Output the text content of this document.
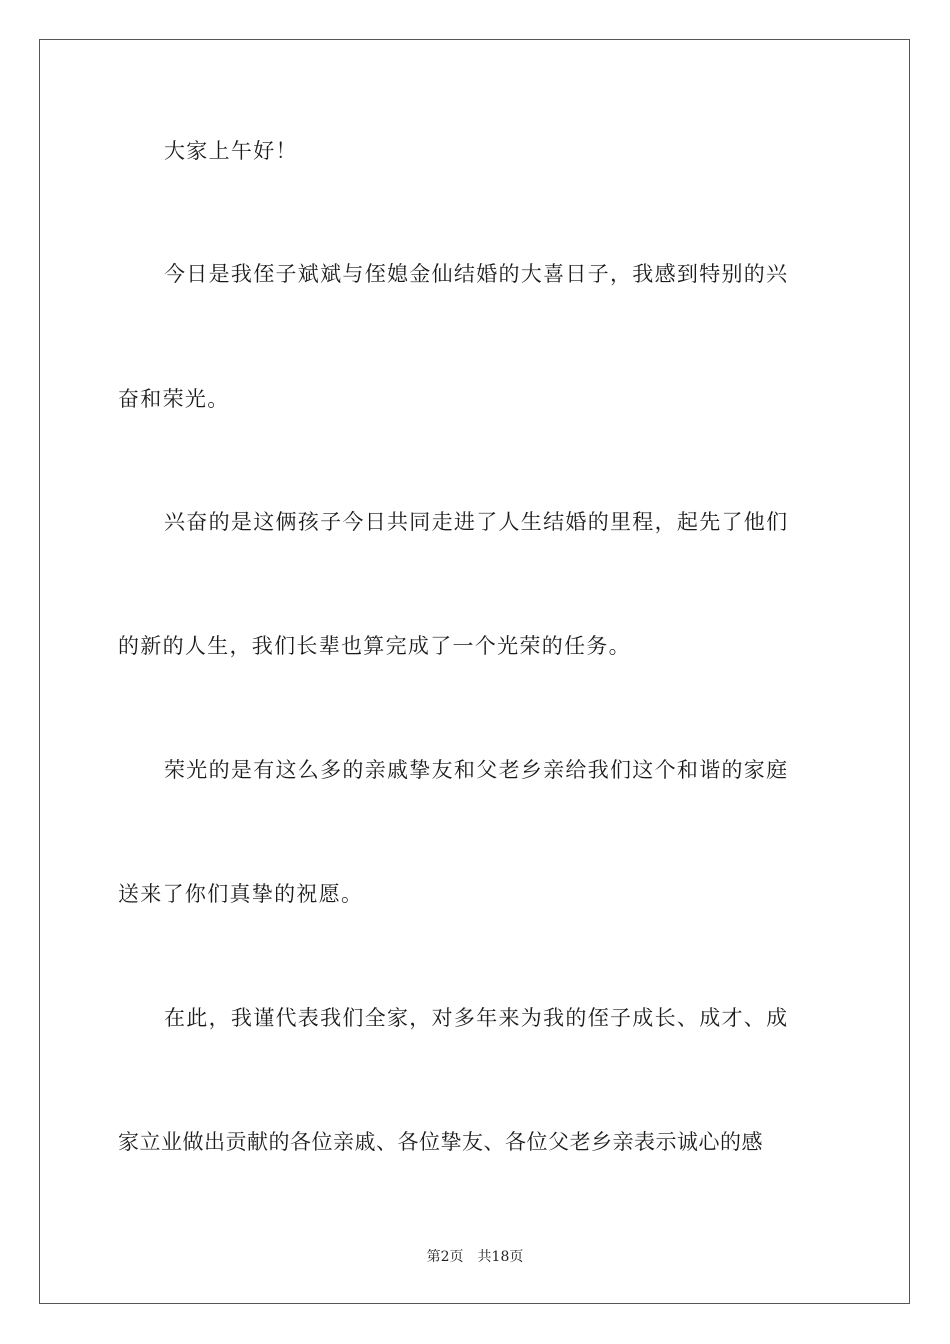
大家上午好！
今日是我侄子斌斌与侄媳金仙结婚的大喜日子，我感到特别的兴
奋和荣光。
兴奋的是这俩孩子今日共同走进了人生结婚的里程，起先了他们
的新的人生，我们长辈也算完成了一个光荣的任务。
荣光的是有这么多的亲戚挚友和父老乡亲给我们这个和谐的家庭
送来了你们真挚的祝愿。
在此，我谨代表我们全家，对多年来为我的侄子成长、成才、成
家立业做出贡献的各位亲戚、各位挚友、各位父老乡亲表示诚心的感
第2页 共18页
